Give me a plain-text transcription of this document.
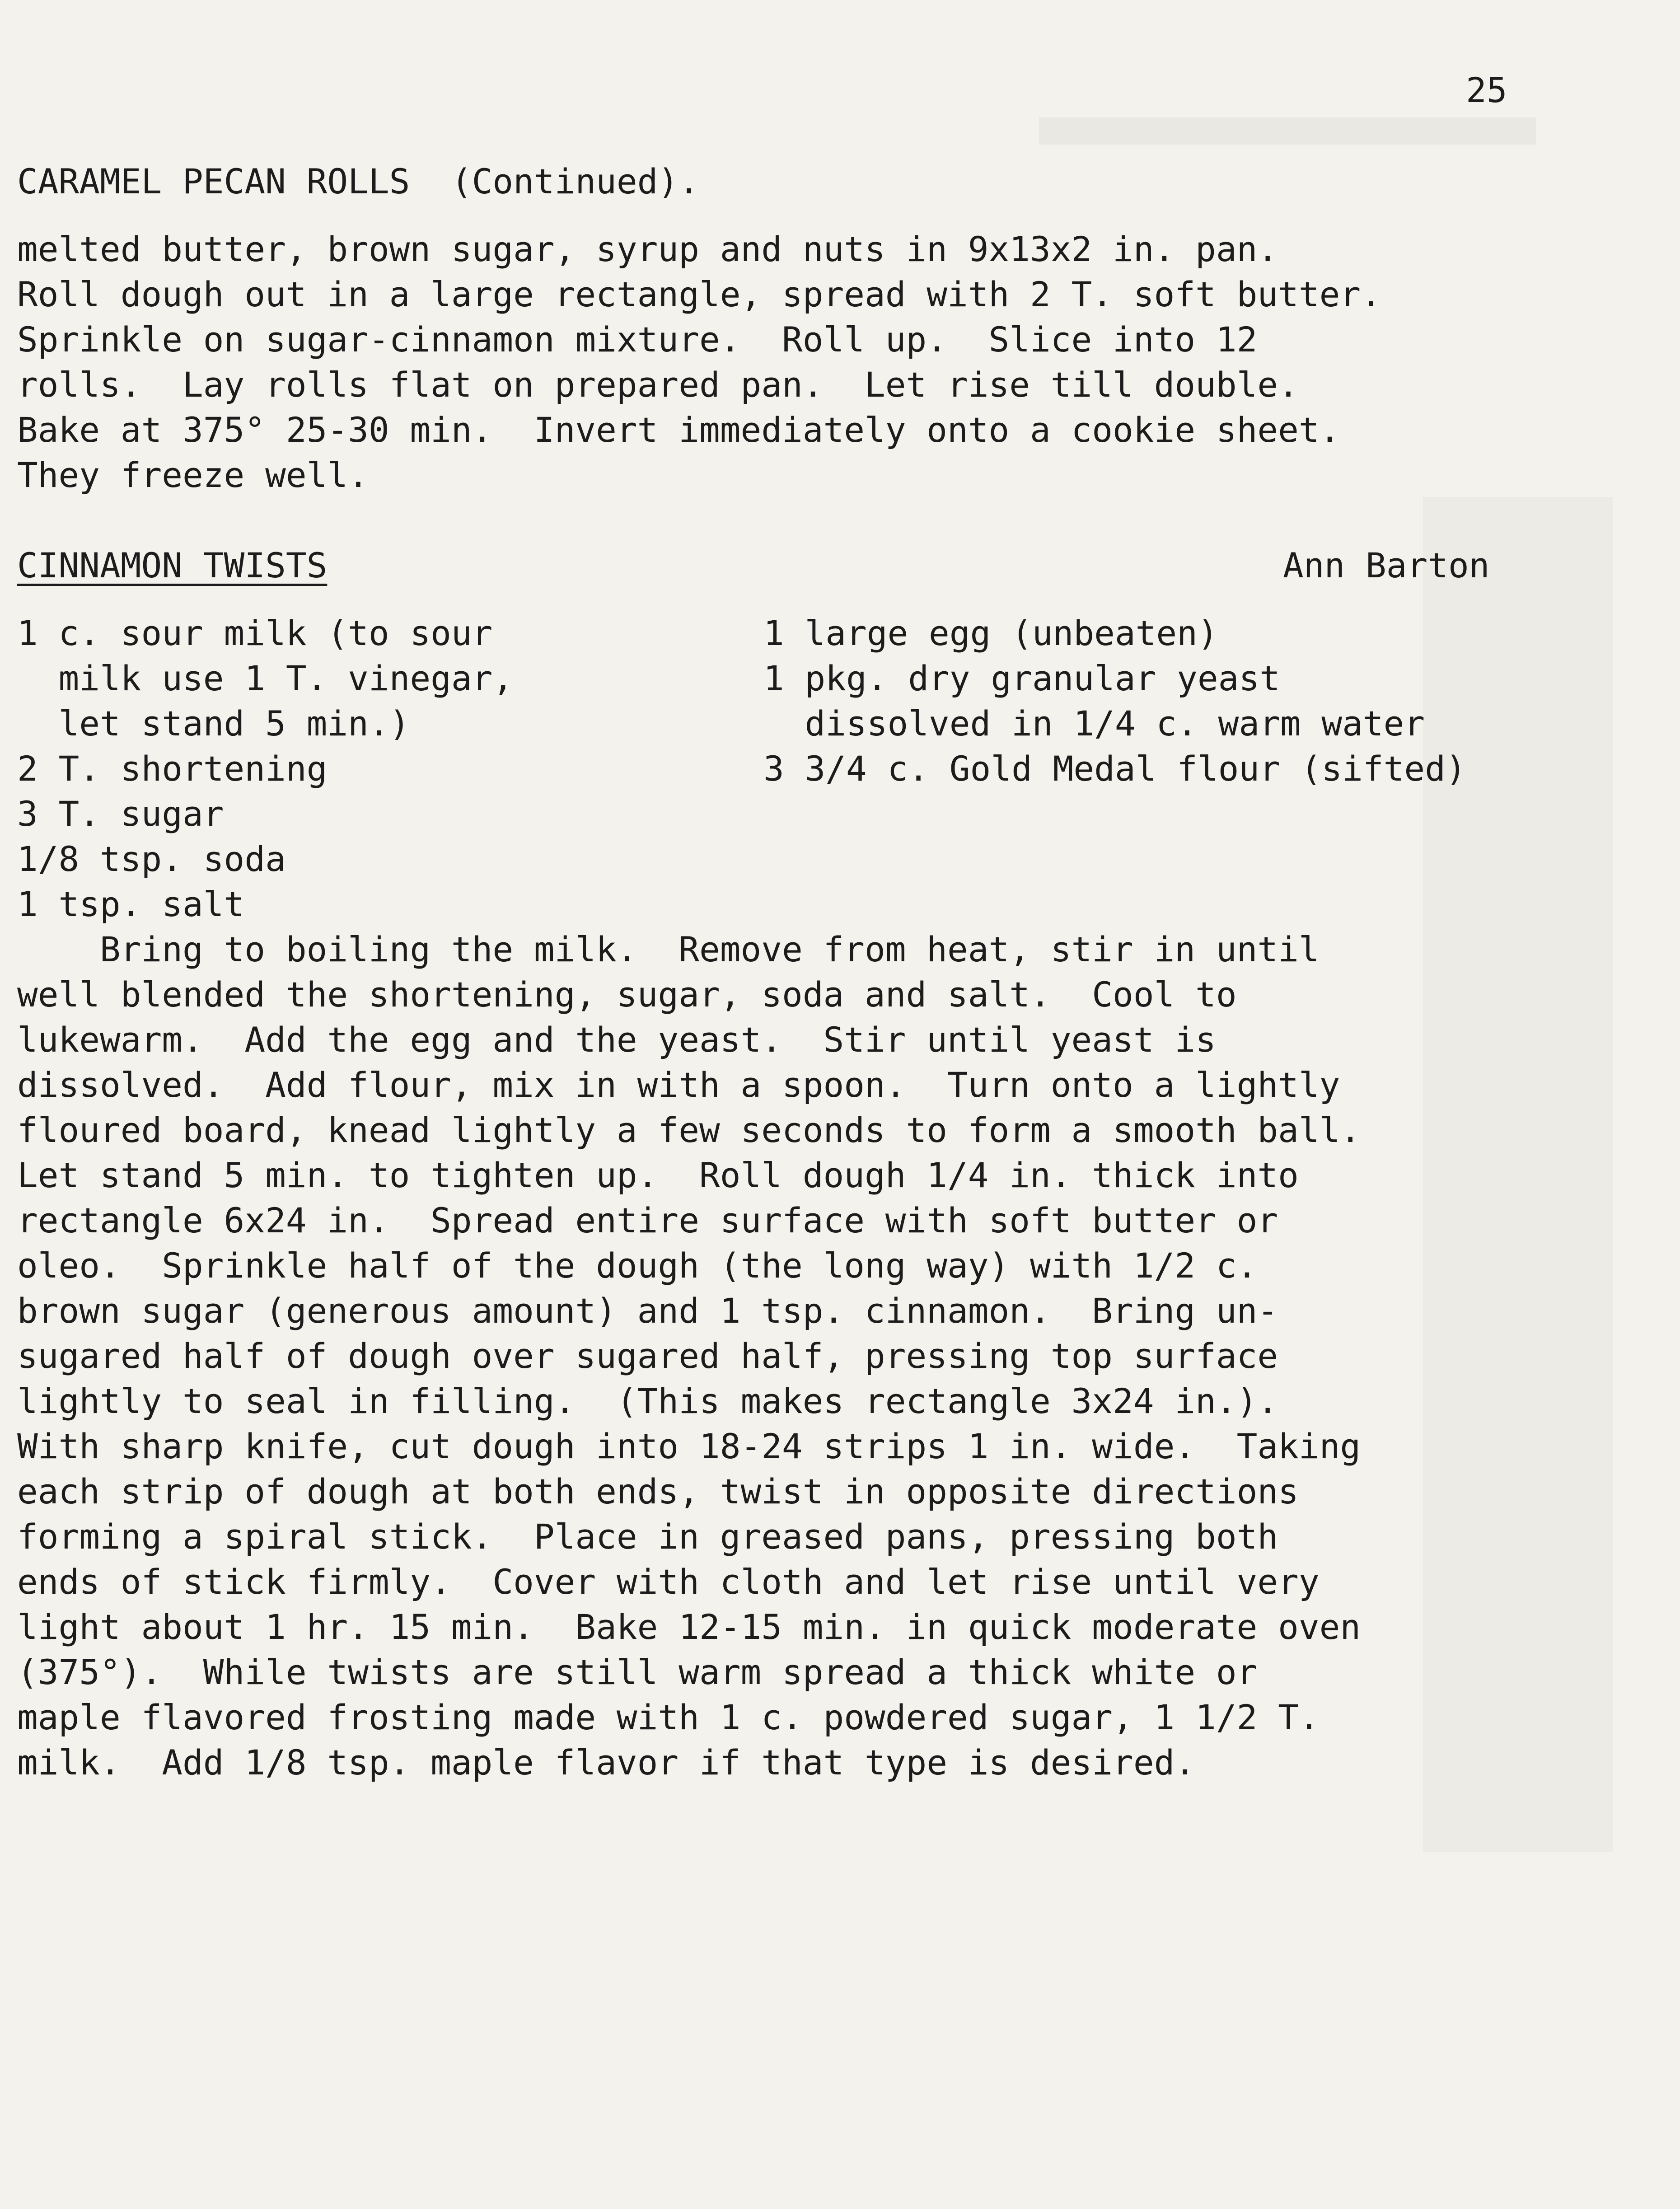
25
CARAMEL PECAN ROLLS  (Continued).
melted butter, brown sugar, syrup and nuts in 9x13x2 in. pan.
Roll dough out in a large rectangle, spread with 2 T. soft butter.
Sprinkle on sugar-cinnamon mixture.  Roll up.  Slice into 12
rolls.  Lay rolls flat on prepared pan.  Let rise till double.
Bake at 375° 25-30 min.  Invert immediately onto a cookie sheet.
They freeze well.
CINNAMON TWISTS	Ann Barton
1 c. sour milk (to sour
milk use 1 T. vinegar,
let stand 5 min.)
2 T. shortening
3 T. sugar
1/8 tsp. soda
1 tsp. salt
1 large egg (unbeaten)
1 pkg. dry granular yeast
dissolved in 1/4 c. warm water
3 3/4 c. Gold Medal flour (sifted)
Bring to boiling the milk.  Remove from heat, stir in until
well blended the shortening, sugar, soda and salt.  Cool to
lukewarm.  Add the egg and the yeast.  Stir until yeast is
dissolved.  Add flour, mix in with a spoon.  Turn onto a lightly
floured board, knead lightly a few seconds to form a smooth ball.
Let stand 5 min. to tighten up.  Roll dough 1/4 in. thick into
rectangle 6x24 in.  Spread entire surface with soft butter or
oleo.  Sprinkle half of the dough (the long way) with 1/2 c.
brown sugar (generous amount) and 1 tsp. cinnamon.  Bring un-
sugared half of dough over sugared half, pressing top surface
lightly to seal in filling.  (This makes rectangle 3x24 in.).
With sharp knife, cut dough into 18-24 strips 1 in. wide.  Taking
each strip of dough at both ends, twist in opposite directions
forming a spiral stick.  Place in greased pans, pressing both
ends of stick firmly.  Cover with cloth and let rise until very
light about 1 hr. 15 min.  Bake 12-15 min. in quick moderate oven
(375°).  While twists are still warm spread a thick white or
maple flavored frosting made with 1 c. powdered sugar, 1 1/2 T.
milk.  Add 1/8 tsp. maple flavor if that type is desired.
